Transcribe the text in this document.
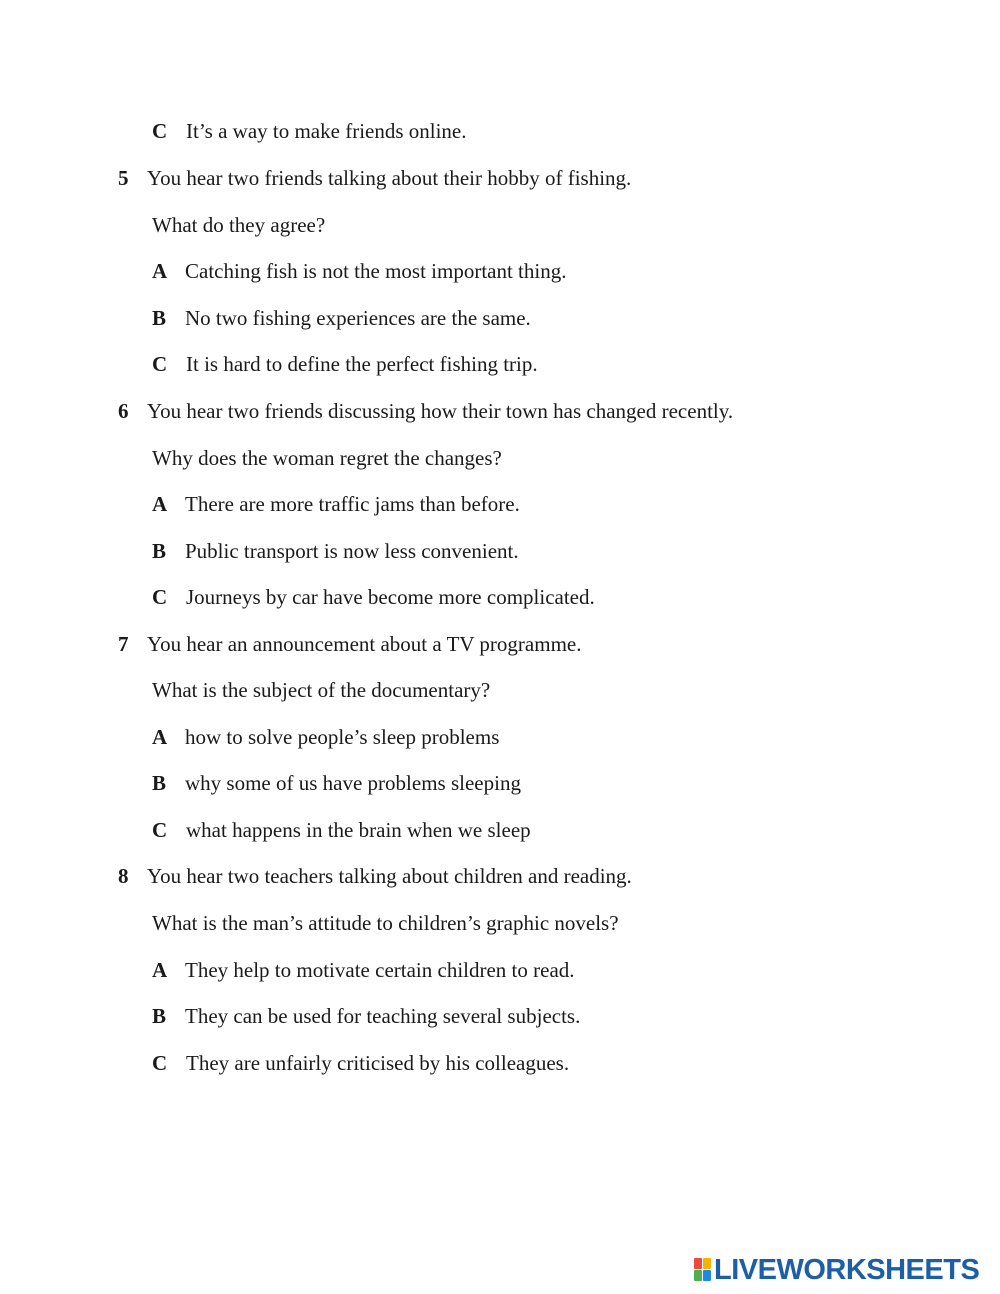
C It’s a way to make friends online.
5 You hear two friends talking about their hobby of fishing.
What do they agree?
A Catching fish is not the most important thing.
B No two fishing experiences are the same.
C It is hard to define the perfect fishing trip.
6 You hear two friends discussing how their town has changed recently.
Why does the woman regret the changes?
A There are more traffic jams than before.
B Public transport is now less convenient.
C Journeys by car have become more complicated.
7 You hear an announcement about a TV programme.
What is the subject of the documentary?
A how to solve people’s sleep problems
B why some of us have problems sleeping
C what happens in the brain when we sleep
8 You hear two teachers talking about children and reading.
What is the man’s attitude to children’s graphic novels?
A They help to motivate certain children to read.
B They can be used for teaching several subjects.
C They are unfairly criticised by his colleagues.
LIVEWORKSHEETS
